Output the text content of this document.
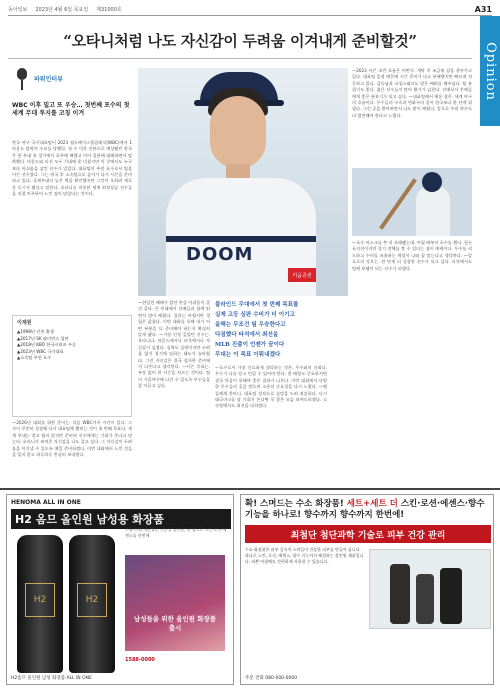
동아일보 2023년 4월 6일 목요일 제31000호	A31
Opinion
“오타니처럼 나도 자신감이 두려움 이겨내게 준비할것”
파워인터뷰
WBC 이후 밀고 또 우승… 첫번째 포수의 첫 세계 무대 투지를 코칭 이겨
한국 야구 국가대표팀이 2023 월드베이스볼클래식(WBC)에서 1라운드 탈락의 수모를 당했다. 첫 수 이후 신분으로 예상됐던 한국은 본 무대 첫 경기에서 호주에 패했고 이어 일본에 대패하면서 탈락했다. 마운드와 타선 모두 기대에 못 미쳤지만 이 중에서도 누구보다 아쉬움을 삼킨 선수가 있었다. 대표팀의 주전 포수로서 팀을 이끈 선수였다. 그는 귀국 후 소속팀으로 돌아가 다시 시즌을 준비하고 있다. 국제무대의 높은 벽을 확인했지만 그것이 오히려 새로운 동기가 됐다고 말한다. 오타니를 비롯한 세계 최정상급 선수들을 직접 마주하며 느낀 점이 많았다는 것이다.
이재원
▲1998년 인천 출생
▲2017년 SK 와이번스 입단
▲2018년 KBO 한국시리즈 우승
▲2023년 WBC 국가대표
▲소속팀 주전 포수
DOOM
키움증권
—2023 시즌 초반 흐름은 어떤가. 개막 후 조금씩 감을 찾아가고 있다. 대표팀 일정 때문에 시즌 준비가 다소 부족했지만 빠르게 적응하고 있다. 감독님과 코칭스태프도 많은 배려를 해주셨다. 팀 분위기도 좋다. 젊은 선수들이 많아 활기가 넘친다. 선배로서 후배들에게 좋은 본보기가 되고 싶다. —대표팀에서 배운 점은. 세계 야구의 흐름이다. 투수들의 구속과 변화구의 질이 한국보다 한 단계 위였다. 그런 공을 받아보면서 나도 많이 배웠다. 앞으로 우리 야구도 더 발전해야 한다고 느꼈다.
—포수 마스크를 쓴 지 오래됐는데. 어릴 때부터 포수를 했다. 힘든 포지션이지만 경기 전체를 볼 수 있다는 점이 매력이다. 투수를 리드하고 수비를 조율하는 역할이 나와 잘 맞는다고 생각한다. —앞으로의 각오는. 한 단계 더 성장한 선수가 되고 싶다. 타격에서도 팀에 보탬이 되는 선수가 되겠다.
—한일전 패배가 컸던 만큼 아쉬움이 클 것 같다. 큰 무대에서 선배들과 함께 뛰면서 많이 배웠다. 결과는 아쉽지만 경험은 값졌다. 이번 대회를 통해 내가 어떤 부분을 더 준비해야 하는지 확실히 알게 됐다. —가장 인상 깊었던 선수는. 오타니다. 마운드에서나 타석에서나 자신감이 넘쳤다. 실력도 실력이지만 두려움 없이 경기에 임하는 태도가 놀라웠다. 그런 자신감은 결국 철저한 준비에서 나온다고 생각한다. —시즌 목표는. 부상 없이 한 시즌을 치르는 것이다. 팀이 가을야구에 나갈 수 있도록 투수들을 잘 이끌고 싶다.
블라인드 무대에서 첫 번째 목표를
실제 고등 심판 수비가 더 이기고
올해는 무조건 팀 우승한다고
다짐했다 타석에서 최선을
MLB 진출이 언젠가 꿈이다
무대는 이 목표 이뤄내겠다
—포수로서 가장 중요하게 생각하는 것은. 투수와의 신뢰다. 투수가 나를 믿고 던질 수 있어야 한다. 볼 배합도 중요하지만 결국 마음이 통해야 좋은 결과가 나온다. 이번 대회에서 다양한 투수들의 공을 받으며 소통의 중요성을 다시 느꼈다. —팬들에게 한마디. 대표팀 성적으로 실망을 드려 죄송하다. 다시 태극마크를 달 기회가 온다면 꼭 좋은 모습 보여드리겠다. 소속팀에서도 최선을 다하겠다.
—2026년 대회를 위한 준비는. 다음 WBC까지 시간이 있다. 그 사이 꾸준히 성장해 다시 대표팀에 뽑히는 것이 첫 번째 목표다. 세계 무대는 결코 쉽지 않지만 준비된 선수에게는 기회가 온다고 믿는다. 오타니가 보여준 자신감을 나도 갖고 싶다. 그 자신감이 두려움을 이겨낼 수 있도록 매일 준비하겠다. 이번 대회에서 느낀 것들을 잊지 않고 하루하루 충실히 보내겠다.
HENOMA ALL IN ONE
H2 옴므 올인원 남성용 화장품
주름·미백 개선 2중 기능성 올인원, 한 병으로 스킨·로션·에센스를 한번에
H2	H2
남성들을 위한 올인원 화장품 출시
1588-0000
H2옴므 올인원 남성 화장품 ALL IN ONE
확! 스며드는 수소 화장품! 세트+세트 더 스킨·로션·에센스·향수 기능을 하나로! 향수까지 향수까지 한번에!
최첨단 첨단과학 기술로 피부 건강 관리
수소 화장품은 피부 깊숙이 스며들어 건강한 피부를 만들어 줍니다. 하나로 스킨, 로션, 에센스, 향수 기능까지 해결하는 올인원 제품입니다. 바쁜 아침에도 간편하게 사용할 수 있습니다.
주문 전화 080-000-0000
